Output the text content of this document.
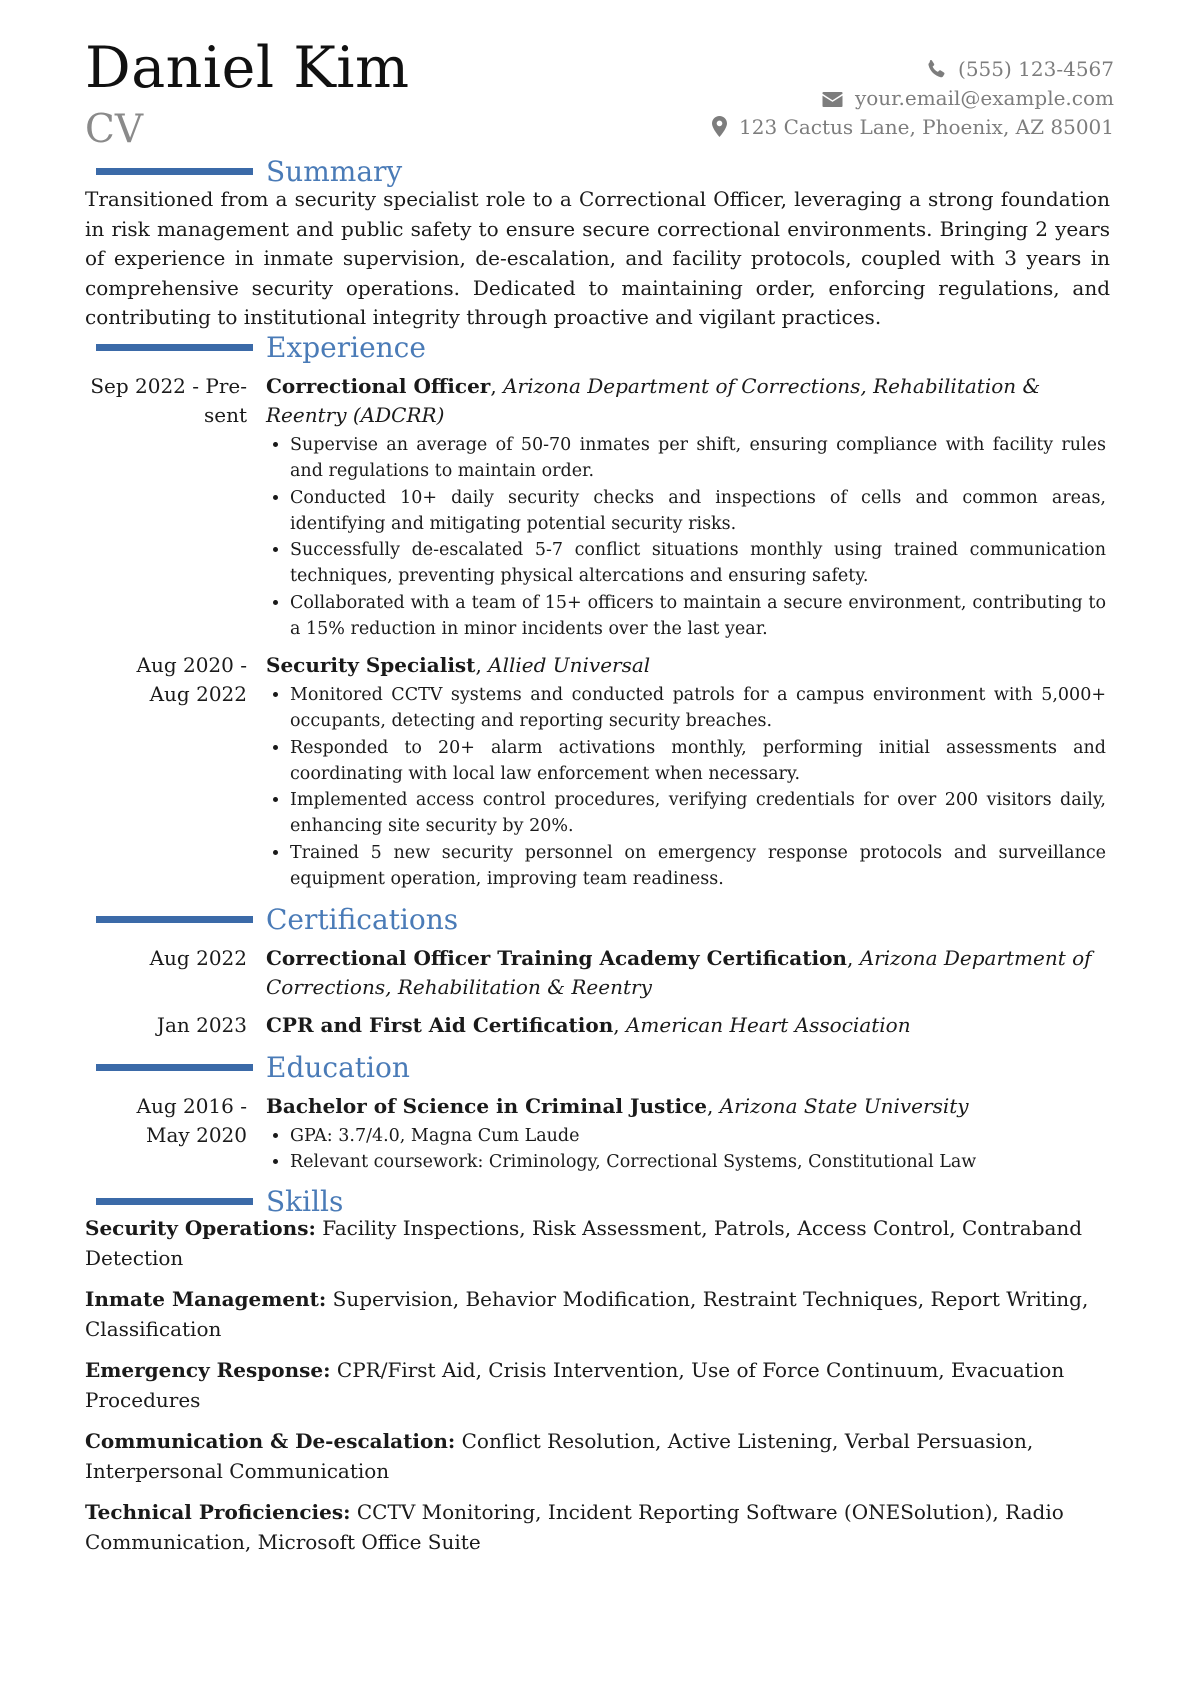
Daniel Kim
CV
(555) 123-4567
your.email@example.com
123 Cactus Lane, Phoenix, AZ 85001
Summary
Transitioned from a security specialist role to a Correctional Officer, leveraging a strong foundation in risk management and public safety to ensure secure correctional environments. Bringing 2 years of experience in inmate supervision, de-escalation, and facility protocols, coupled with 3 years in comprehensive security operations. Dedicated to maintaining order, enforcing regulations, and contributing to institutional integrity through proactive and vigilant practices.
Experience
Sep 2022 - Pre-
sent
Correctional Officer, Arizona Department of Corrections, Rehabilitation & Reentry (ADCRR)
• Supervise an average of 50-70 inmates per shift, ensuring compliance with facility rules and regulations to maintain order.
• Conducted 10+ daily security checks and inspections of cells and common areas, identifying and mitigating potential security risks.
• Successfully de-escalated 5-7 conflict situations monthly using trained communication techniques, preventing physical altercations and ensuring safety.
• Collaborated with a team of 15+ officers to maintain a secure environment, contributing to a 15% reduction in minor incidents over the last year.
Aug 2020 -
Aug 2022
Security Specialist, Allied Universal
• Monitored CCTV systems and conducted patrols for a campus environment with 5,000+ occupants, detecting and reporting security breaches.
• Responded to 20+ alarm activations monthly, performing initial assessments and coordinating with local law enforcement when necessary.
• Implemented access control procedures, verifying credentials for over 200 visitors daily, enhancing site security by 20%.
• Trained 5 new security personnel on emergency response protocols and surveillance equipment operation, improving team readiness.
Certifications
Aug 2022 Correctional Officer Training Academy Certification, Arizona Department of Corrections, Rehabilitation & Reentry
Jan 2023 CPR and First Aid Certification, American Heart Association
Education
Aug 2016 -
May 2020
Bachelor of Science in Criminal Justice, Arizona State University
• GPA: 3.7/4.0, Magna Cum Laude
• Relevant coursework: Criminology, Correctional Systems, Constitutional Law
Skills
Security Operations: Facility Inspections, Risk Assessment, Patrols, Access Control, Contraband Detection
Inmate Management: Supervision, Behavior Modification, Restraint Techniques, Report Writing, Classification
Emergency Response: CPR/First Aid, Crisis Intervention, Use of Force Continuum, Evacuation Procedures
Communication & De-escalation: Conflict Resolution, Active Listening, Verbal Persuasion, Interpersonal Communication
Technical Proficiencies: CCTV Monitoring, Incident Reporting Software (ONESolution), Radio Communication, Microsoft Office Suite
